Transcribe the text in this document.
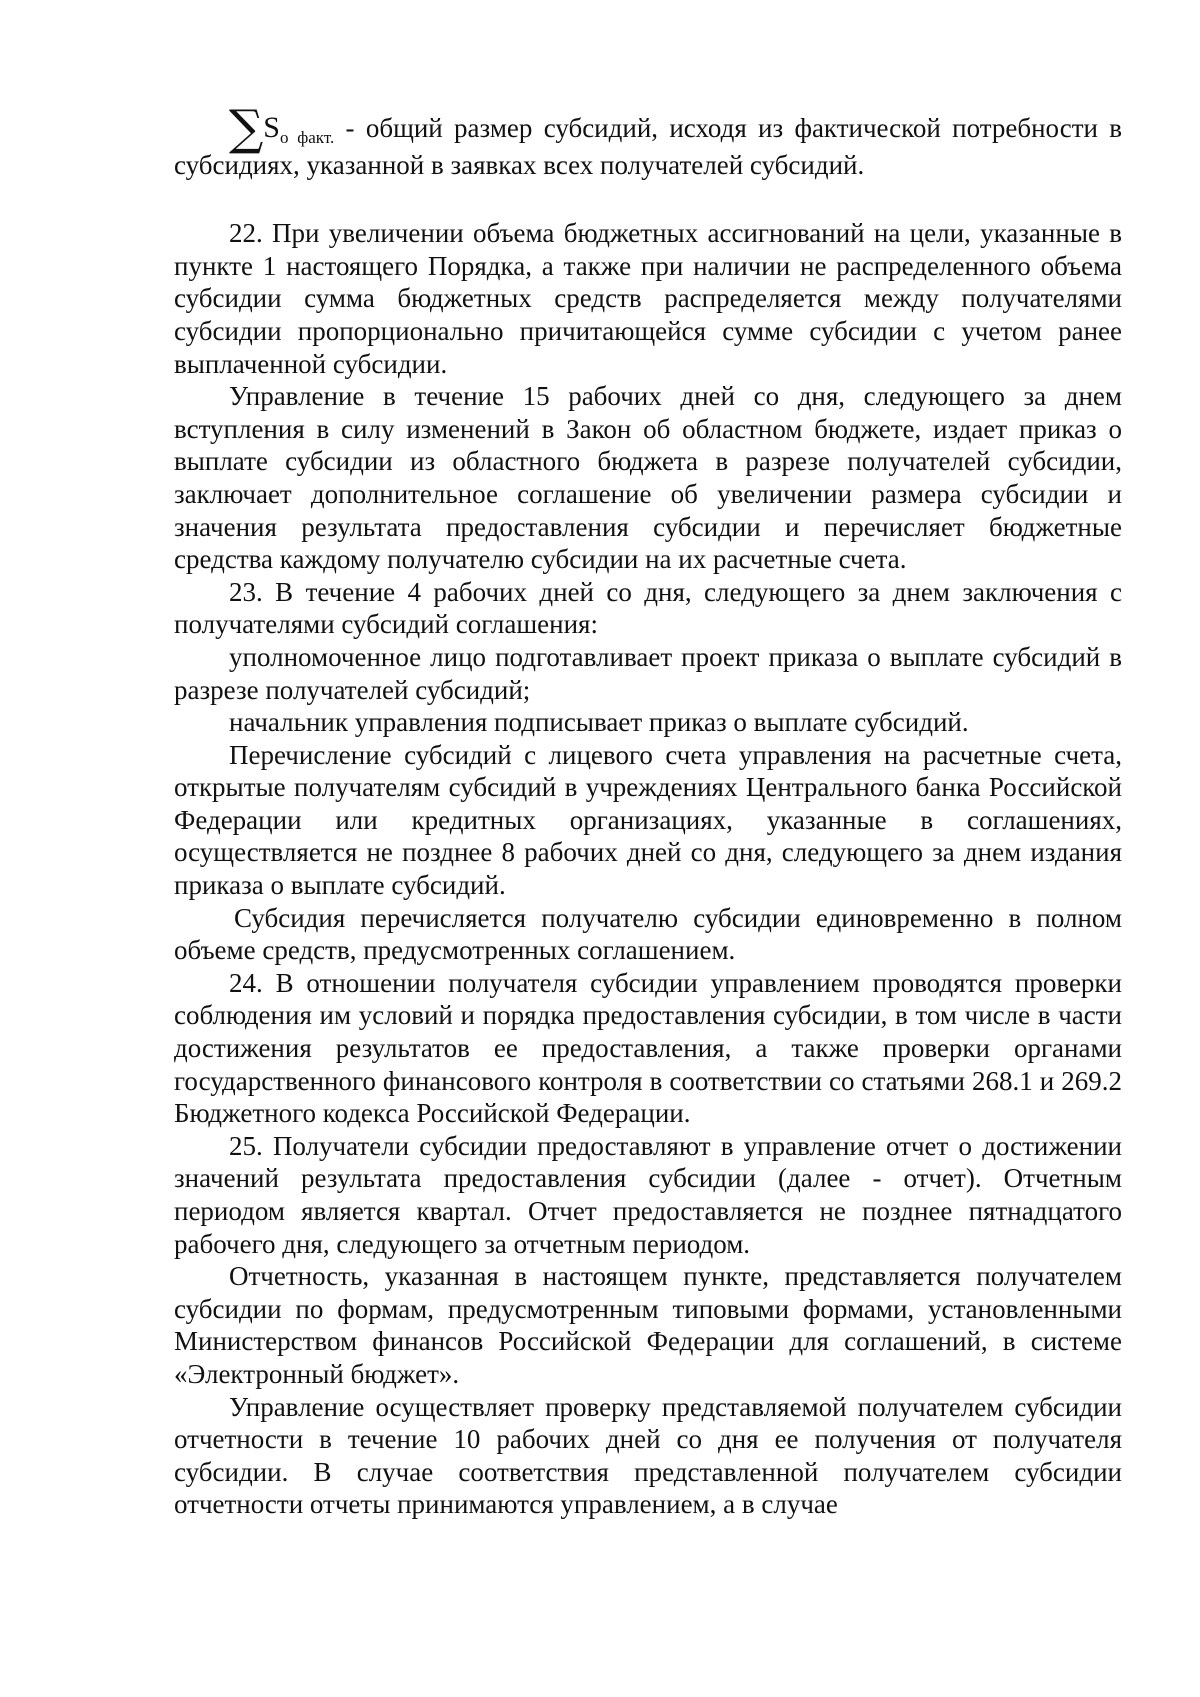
$\sum S_{о факт.}$ - общий размер субсидий, исходя из фактической потребности в субсидиях, указанной в заявках всех получателей субсидий.

22. При увеличении объема бюджетных ассигнований на цели, указанные в пункте 1 настоящего Порядка, а также при наличии не распределенного объема субсидии сумма бюджетных средств распределяется между получателями субсидии пропорционально причитающейся сумме субсидии с учетом ранее выплаченной субсидии.

Управление в течение 15 рабочих дней со дня, следующего за днем вступления в силу изменений в Закон об областном бюджете, издает приказ о выплате субсидии из областного бюджета в разрезе получателей субсидии, заключает дополнительное соглашение об увеличении размера субсидии и значения результата предоставления субсидии и перечисляет бюджетные средства каждому получателю субсидии на их расчетные счета.

23. В течение 4 рабочих дней со дня, следующего за днем заключения с получателями субсидий соглашения:

уполномоченное лицо подготавливает проект приказа о выплате субсидий в разрезе получателей субсидий;

начальник управления подписывает приказ о выплате субсидий.

Перечисление субсидий с лицевого счета управления на расчетные счета, открытые получателям субсидий в учреждениях Центрального банка Российской Федерации или кредитных организациях, указанные в соглашениях, осуществляется не позднее 8 рабочих дней со дня, следующего за днем издания приказа о выплате субсидий.

Субсидия перечисляется получателю субсидии единовременно в полном объеме средств, предусмотренных соглашением.

24. В отношении получателя субсидии управлением проводятся проверки соблюдения им условий и порядка предоставления субсидии, в том числе в части достижения результатов ее предоставления, а также проверки органами государственного финансового контроля в соответствии со статьями 268.1 и 269.2 Бюджетного кодекса Российской Федерации.

25. Получатели субсидии предоставляют в управление отчет о достижении значений результата предоставления субсидии (далее - отчет). Отчетным периодом является квартал. Отчет предоставляется не позднее пятнадцатого рабочего дня, следующего за отчетным периодом.

Отчетность, указанная в настоящем пункте, представляется получателем субсидии по формам, предусмотренным типовыми формами, установленными Министерством финансов Российской Федерации для соглашений, в системе «Электронный бюджет».

Управление осуществляет проверку представляемой получателем субсидии отчетности в течение 10 рабочих дней со дня ее получения от получателя субсидии. В случае соответствия представленной получателем субсидии отчетности отчеты принимаются управлением, а в случае
